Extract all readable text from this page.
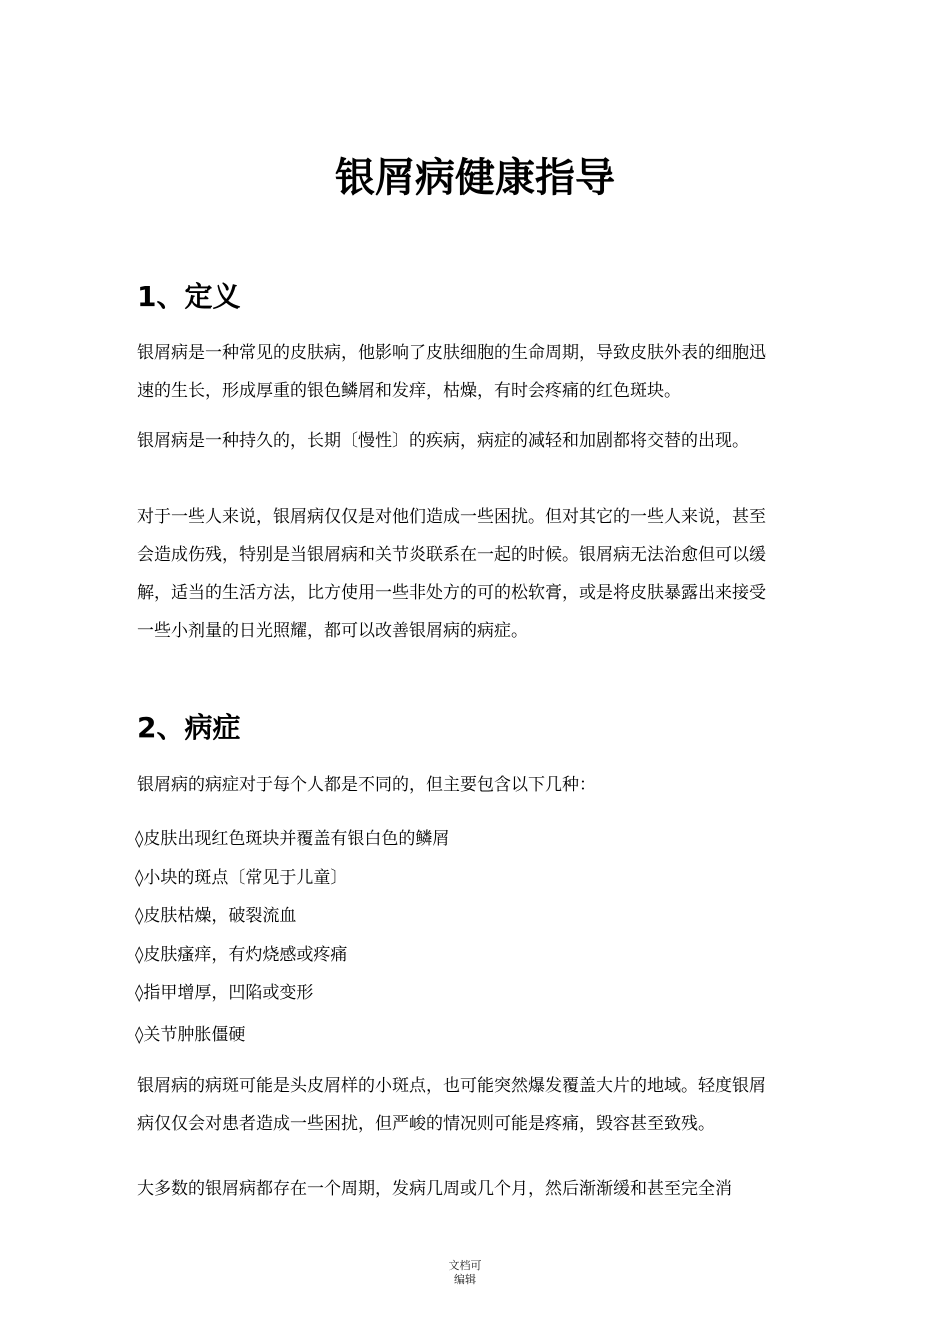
银屑病健康指导
1、定义
银屑病是一种常见的皮肤病，他影响了皮肤细胞的生命周期，导致皮肤外表的细胞迅
速的生长，形成厚重的银色鳞屑和发痒，枯燥，有时会疼痛的红色斑块。
银屑病是一种持久的，长期〔慢性〕的疾病，病症的减轻和加剧都将交替的出现。
对于一些人来说，银屑病仅仅是对他们造成一些困扰。但对其它的一些人来说，甚至
会造成伤残，特别是当银屑病和关节炎联系在一起的时候。银屑病无法治愈但可以缓
解，适当的生活方法，比方使用一些非处方的可的松软膏，或是将皮肤暴露出来接受
一些小剂量的日光照耀，都可以改善银屑病的病症。
2、病症
银屑病的病症对于每个人都是不同的，但主要包含以下几种：
◊皮肤出现红色斑块并覆盖有银白色的鳞屑
◊小块的斑点〔常见于儿童〕
◊皮肤枯燥，破裂流血
◊皮肤瘙痒，有灼烧感或疼痛
◊指甲增厚，凹陷或变形
◊关节肿胀僵硬
银屑病的病斑可能是头皮屑样的小斑点，也可能突然爆发覆盖大片的地域。轻度银屑
病仅仅会对患者造成一些困扰，但严峻的情况则可能是疼痛，毁容甚至致残。
大多数的银屑病都存在一个周期，发病几周或几个月，然后渐渐缓和甚至完全消
文档可
编辑
